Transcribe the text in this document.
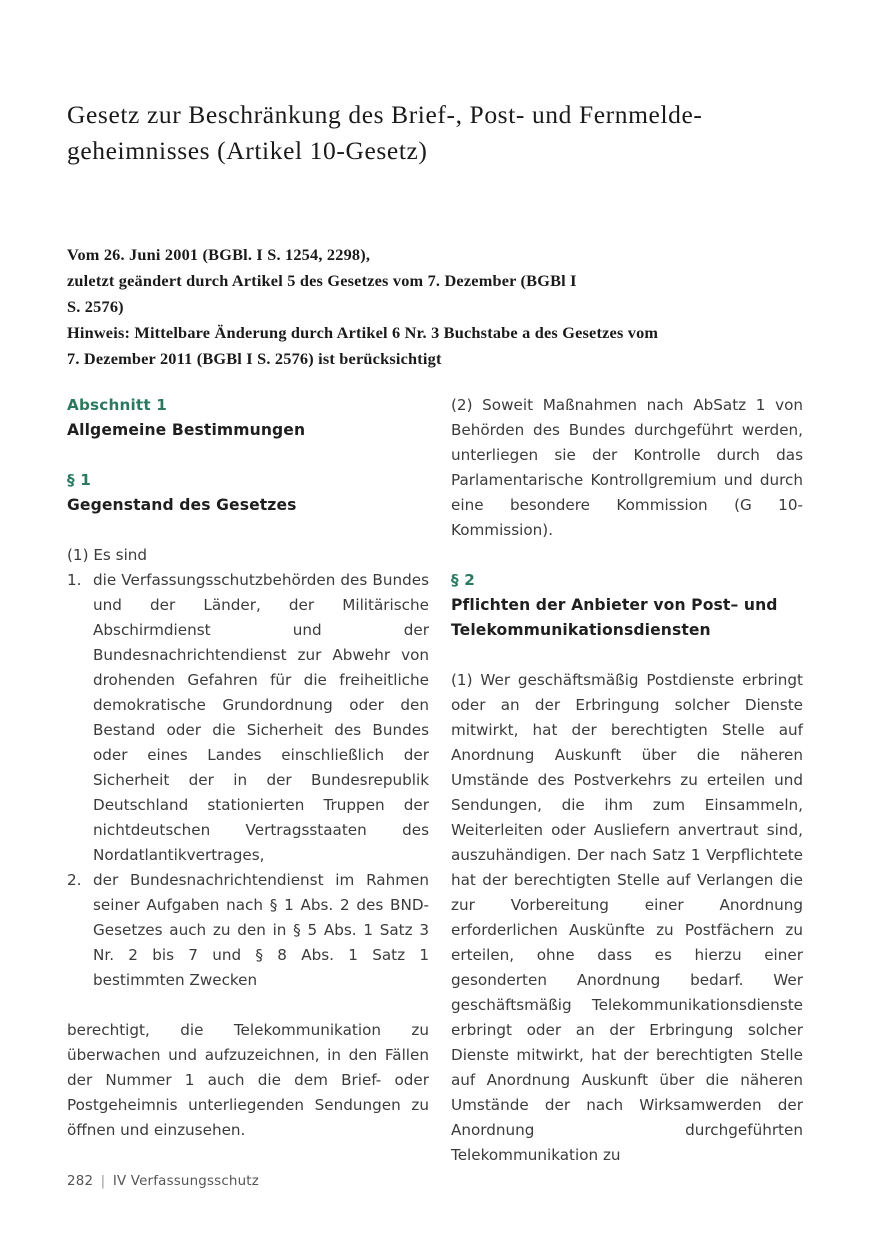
Gesetz zur Beschränkung des Brief-, Post- und Fernmelde-
geheimnisses (Artikel 10-Gesetz)
Vom 26. Juni 2001 (BGBl. I S. 1254, 2298),
zuletzt geändert durch Artikel 5 des Gesetzes vom 7. Dezember (BGBl I
S. 2576)
Hinweis: Mittelbare Änderung durch Artikel 6 Nr. 3 Buchstabe a des Gesetzes vom
7. Dezember 2011 (BGBl I S. 2576) ist berücksichtigt
Abschnitt 1
Allgemeine Bestimmungen
§ 1
Gegenstand des Gesetzes

(1) Es sind

1. die Verfassungsschutzbehörden des Bundes und der Länder, der Militärische Abschirmdienst und der Bundesnachrichtendienst zur Abwehr von drohenden Gefahren für die freiheitliche demokratische Grundordnung oder den Bestand oder die Sicherheit des Bundes oder eines Landes einschließlich der Sicherheit der in der Bundesrepublik Deutschland stationierten Truppen der nichtdeutschen Vertragsstaaten des Nordatlantikvertrages,
2. der Bundesnachrichtendienst im Rahmen seiner Aufgaben nach § 1 Abs. 2 des BND-Gesetzes auch zu den in § 5 Abs. 1 Satz 3 Nr. 2 bis 7 und § 8 Abs. 1 Satz 1 bestimmten Zwecken

berechtigt, die Telekommunikation zu überwachen und aufzuzeichnen, in den Fällen der Nummer 1 auch die dem Brief- oder Postgeheimnis unterliegenden Sendungen zu öffnen und einzusehen.

(2) Soweit Maßnahmen nach AbSatz 1 von Behörden des Bundes durchgeführt werden, unterliegen sie der Kontrolle durch das Parlamentarische Kontrollgremium und durch eine besondere Kommission (G 10-Kommission).

§ 2
Pflichten der Anbieter von Post– und
Telekommunikationsdiensten

(1) Wer geschäftsmäßig Postdienste erbringt oder an der Erbringung solcher Dienste mitwirkt, hat der berechtigten Stelle auf Anordnung Auskunft über die näheren Umstände des Postverkehrs zu erteilen und Sendungen, die ihm zum Einsammeln, Weiterleiten oder Ausliefern anvertraut sind, auszuhändigen. Der nach Satz 1 Verpflichtete hat der berechtigten Stelle auf Verlangen die zur Vorbereitung einer Anordnung erforderlichen Auskünfte zu Postfächern zu erteilen, ohne dass es hierzu einer gesonderten Anordnung bedarf. Wer geschäftsmäßig Telekommunikationsdienste erbringt oder an der Erbringung solcher Dienste mitwirkt, hat der berechtigten Stelle auf Anordnung Auskunft über die näheren Umstände der nach Wirksamwerden der Anordnung durchgeführten Telekommunikation zu

282 | IV Verfassungsschutz
